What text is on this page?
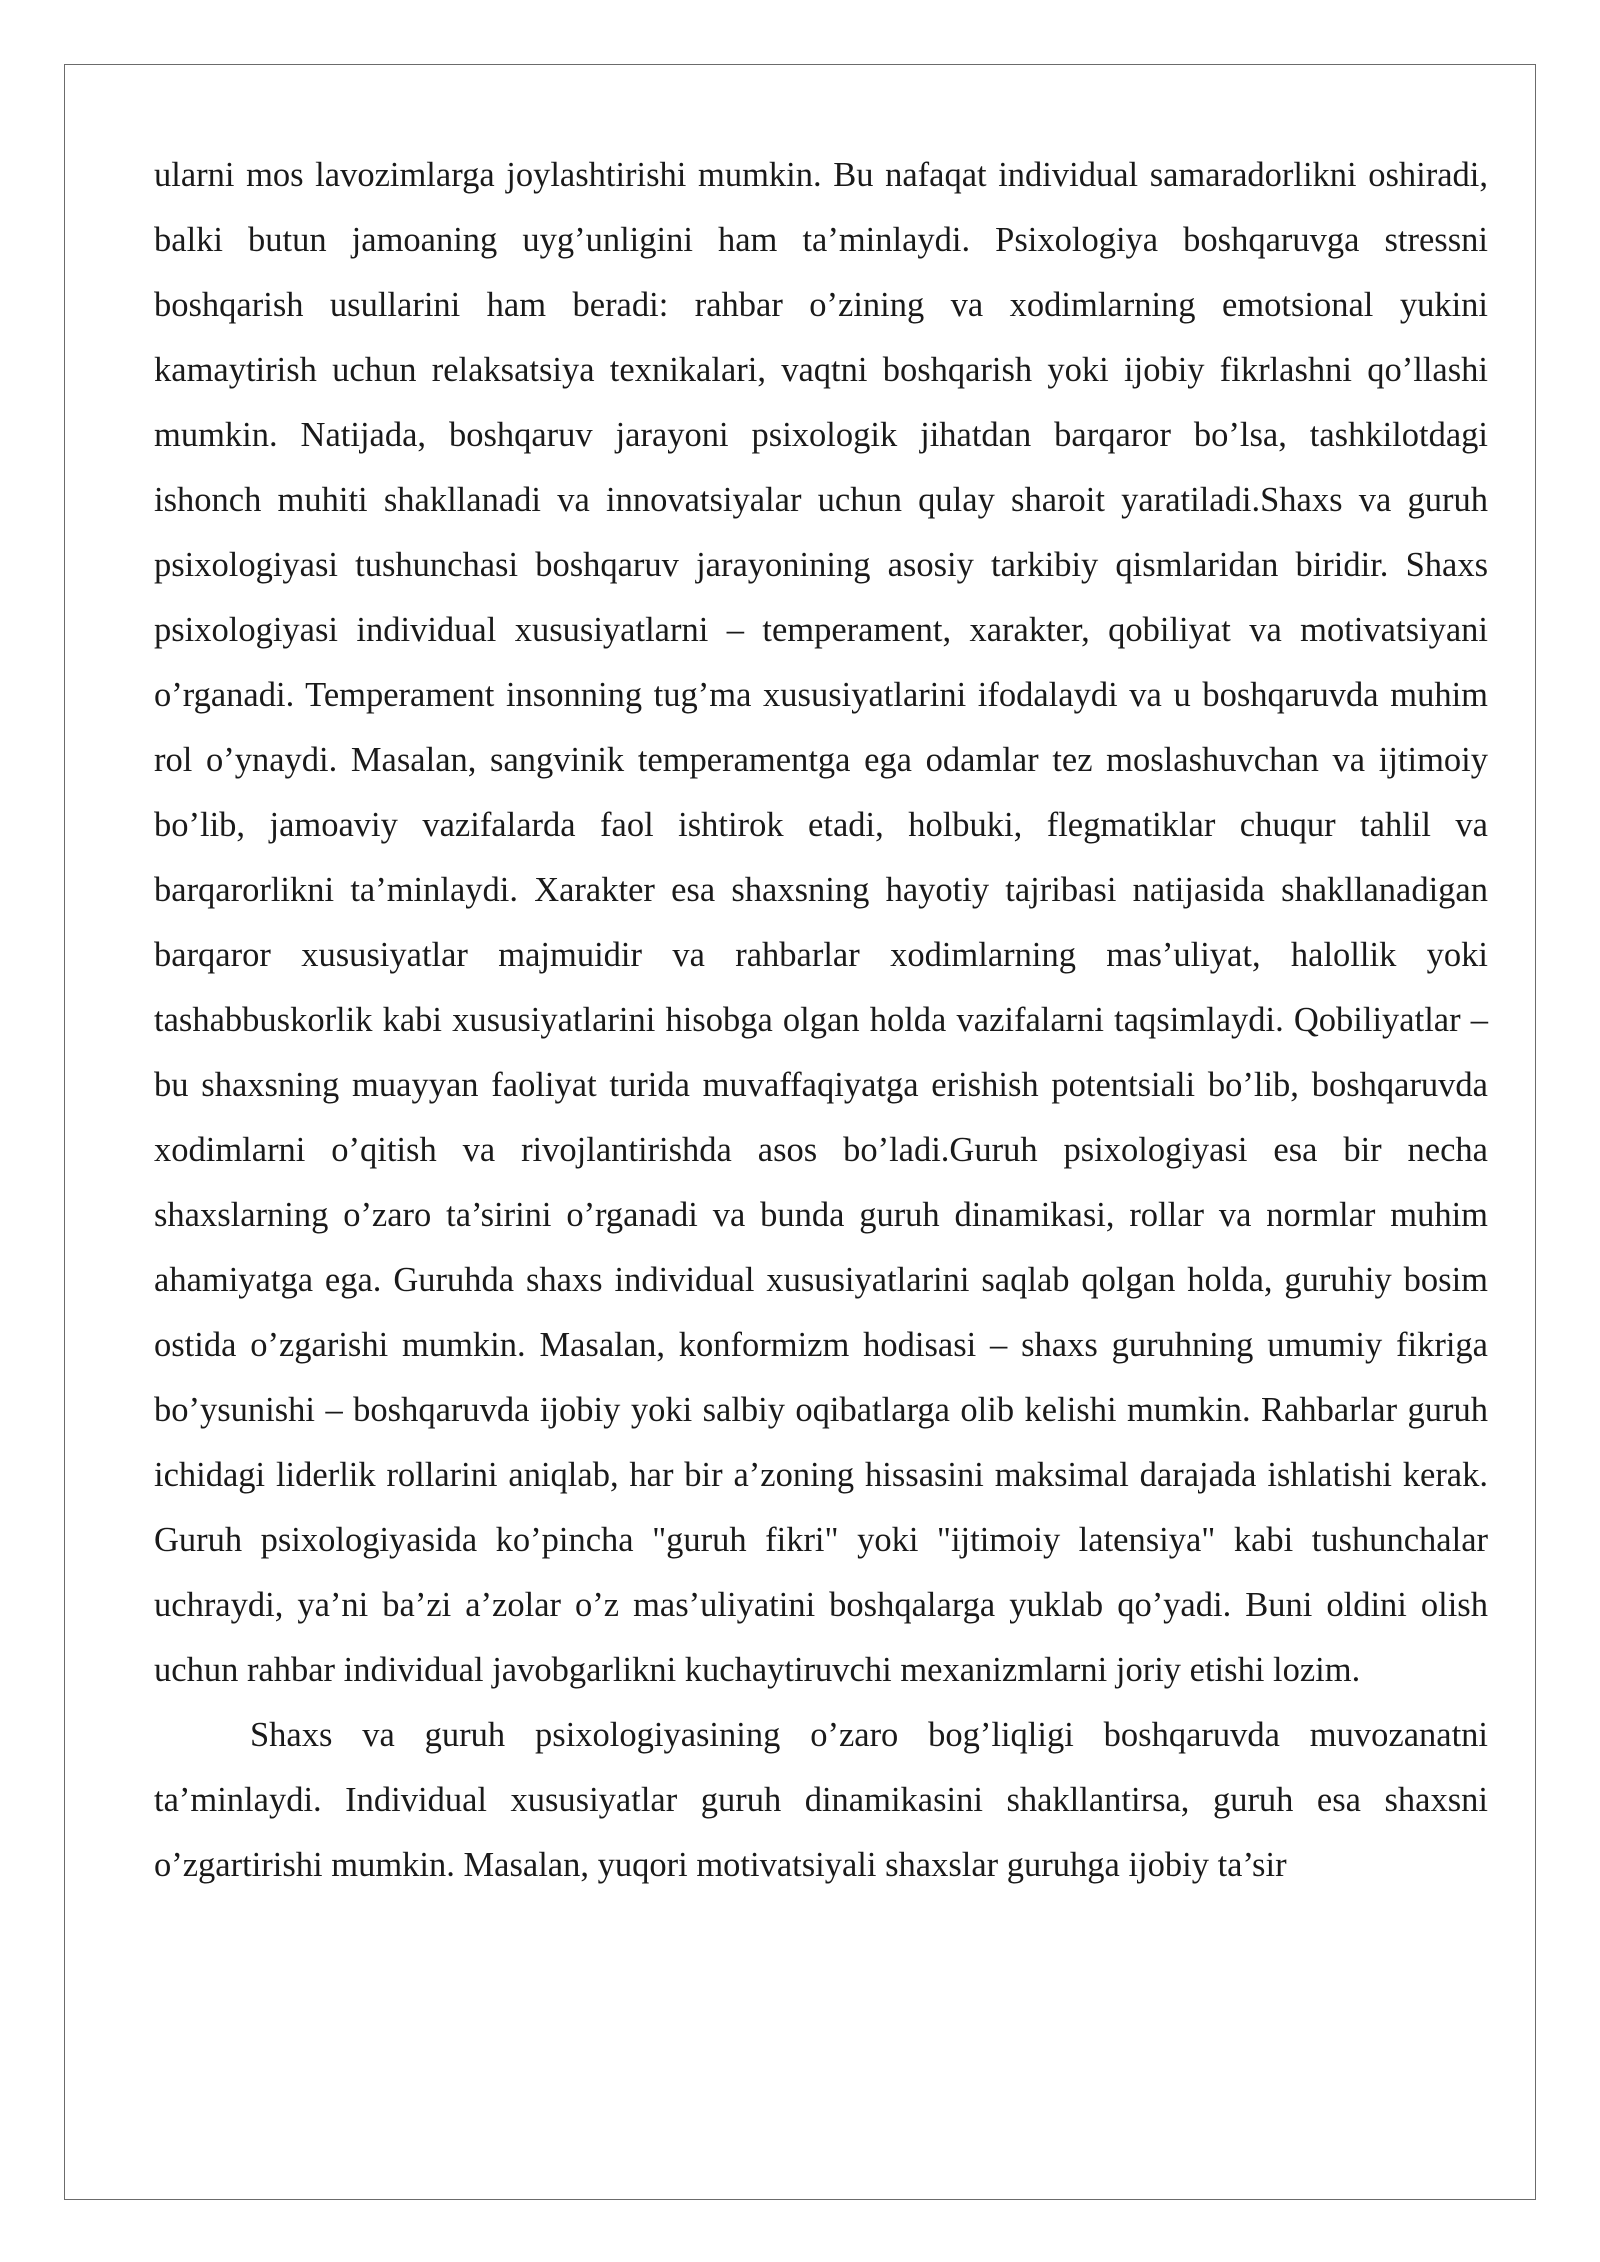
ularni mos lavozimlarga joylashtirishi mumkin. Bu nafaqat individual samaradorlikni oshiradi, balki butun jamoaning uyg’unligini ham ta’minlaydi. Psixologiya boshqaruvga stressni boshqarish usullarini ham beradi: rahbar o’zining va xodimlarning emotsional yukini kamaytirish uchun relaksatsiya texnikalari, vaqtni boshqarish yoki ijobiy fikrlashni qo’llashi mumkin. Natijada, boshqaruv jarayoni psixologik jihatdan barqaror bo’lsa, tashkilotdagi ishonch muhiti shakllanadi va innovatsiyalar uchun qulay sharoit yaratiladi.Shaxs va guruh psixologiyasi tushunchasi boshqaruv jarayonining asosiy tarkibiy qismlaridan biridir. Shaxs psixologiyasi individual xususiyatlarni – temperament, xarakter, qobiliyat va motivatsiyani o’rganadi. Temperament insonning tug’ma xususiyatlarini ifodalaydi va u boshqaruvda muhim rol o’ynaydi. Masalan, sangvinik temperamentga ega odamlar tez moslashuvchan va ijtimoiy bo’lib, jamoaviy vazifalarda faol ishtirok etadi, holbuki, flegmatiklar chuqur tahlil va barqarorlikni ta’minlaydi. Xarakter esa shaxsning hayotiy tajribasi natijasida shakllanadigan barqaror xususiyatlar majmuidir va rahbarlar xodimlarning mas’uliyat, halollik yoki tashabbuskorlik kabi xususiyatlarini hisobga olgan holda vazifalarni taqsimlaydi. Qobiliyatlar – bu shaxsning muayyan faoliyat turida muvaffaqiyatga erishish potentsiali bo’lib, boshqaruvda xodimlarni o’qitish va rivojlantirishda asos bo’ladi.Guruh psixologiyasi esa bir necha shaxslarning o’zaro ta’sirini o’rganadi va bunda guruh dinamikasi, rollar va normlar muhim ahamiyatga ega. Guruhda shaxs individual xususiyatlarini saqlab qolgan holda, guruhiy bosim ostida o’zgarishi mumkin. Masalan, konformizm hodisasi – shaxs guruhning umumiy fikriga bo’ysunishi – boshqaruvda ijobiy yoki salbiy oqibatlarga olib kelishi mumkin. Rahbarlar guruh ichidagi liderlik rollarini aniqlab, har bir a’zoning hissasini maksimal darajada ishlatishi kerak. Guruh psixologiyasida ko’pincha "guruh fikri" yoki "ijtimoiy latensiya" kabi tushunchalar uchraydi, ya’ni ba’zi a’zolar o’z mas’uliyatini boshqalarga yuklab qo’yadi. Buni oldini olish uchun rahbar individual javobgarlikni kuchaytiruvchi mexanizmlarni joriy etishi lozim.

Shaxs va guruh psixologiyasining o’zaro bog’liqligi boshqaruvda muvozanatni ta’minlaydi. Individual xususiyatlar guruh dinamikasini shakllantirsa, guruh esa shaxsni o’zgartirishi mumkin. Masalan, yuqori motivatsiyali shaxslar guruhga ijobiy ta’sir
